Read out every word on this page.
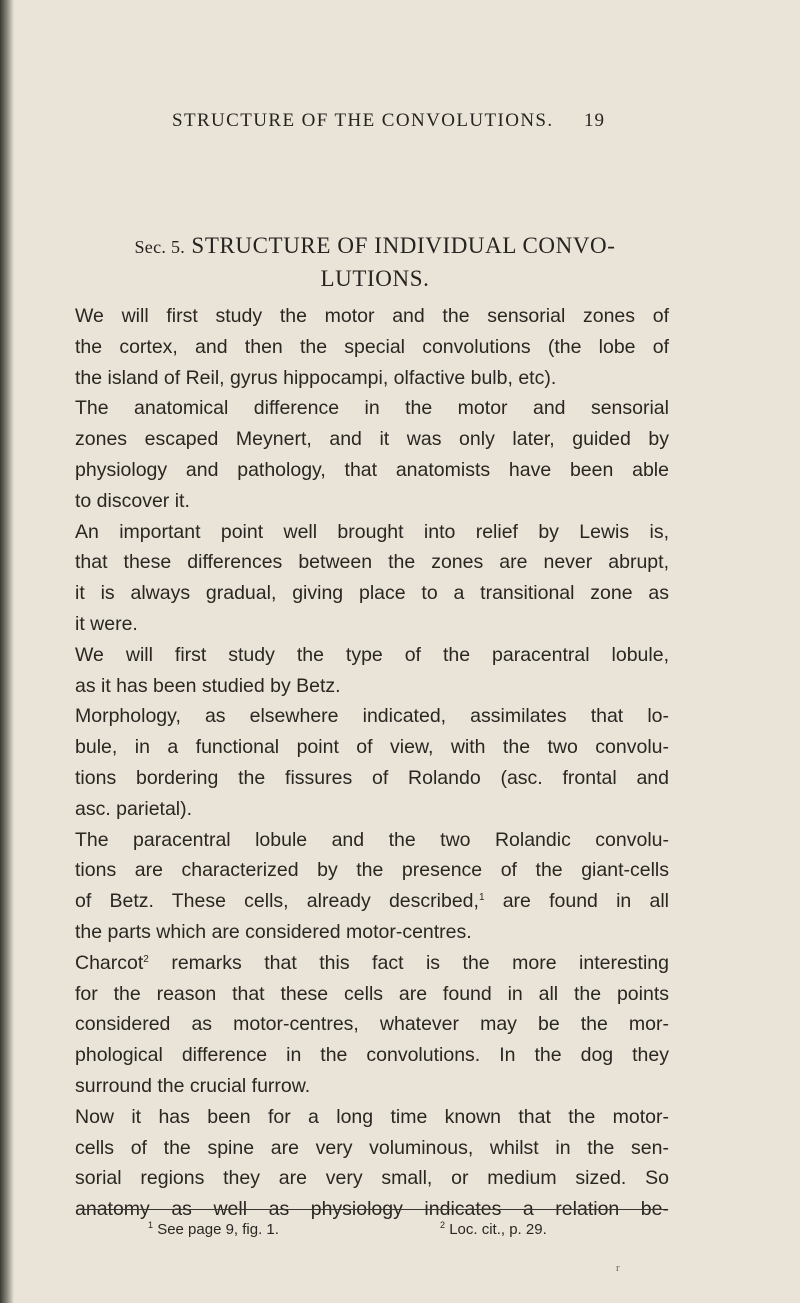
STRUCTURE OF THE CONVOLUTIONS. 19
Sec. 5. STRUCTURE OF INDIVIDUAL CONVO-
LUTIONS.
We will first study the motor and the sensorial zones of
the cortex, and then the special convolutions (the lobe of
the island of Reil, gyrus hippocampi, olfactive bulb, etc).
The anatomical difference in the motor and sensorial
zones escaped Meynert, and it was only later, guided by
physiology and pathology, that anatomists have been able
to discover it.
An important point well brought into relief by Lewis is,
that these differences between the zones are never abrupt,
it is always gradual, giving place to a transitional zone as
it were.
We will first study the type of the paracentral lobule,
as it has been studied by Betz.
Morphology, as elsewhere indicated, assimilates that lo-
bule, in a functional point of view, with the two convolu-
tions bordering the fissures of Rolando (asc. frontal and
asc. parietal).
The paracentral lobule and the two Rolandic convolu-
tions are characterized by the presence of the giant-cells
of Betz. These cells, already described,$^1$ are found in all
the parts which are considered motor-centres.
Charcot$^2$ remarks that this fact is the more interesting
for the reason that these cells are found in all the points
considered as motor-centres, whatever may be the mor-
phological difference in the convolutions. In the dog they
surround the crucial furrow.
Now it has been for a long time known that the motor-
cells of the spine are very voluminous, whilst in the sen-
sorial regions they are very small, or medium sized. So
anatomy as well as physiology indicates a relation be-
$^1$ See page 9, fig. 1.	$^2$ Loc. cit., p. 29.
r
